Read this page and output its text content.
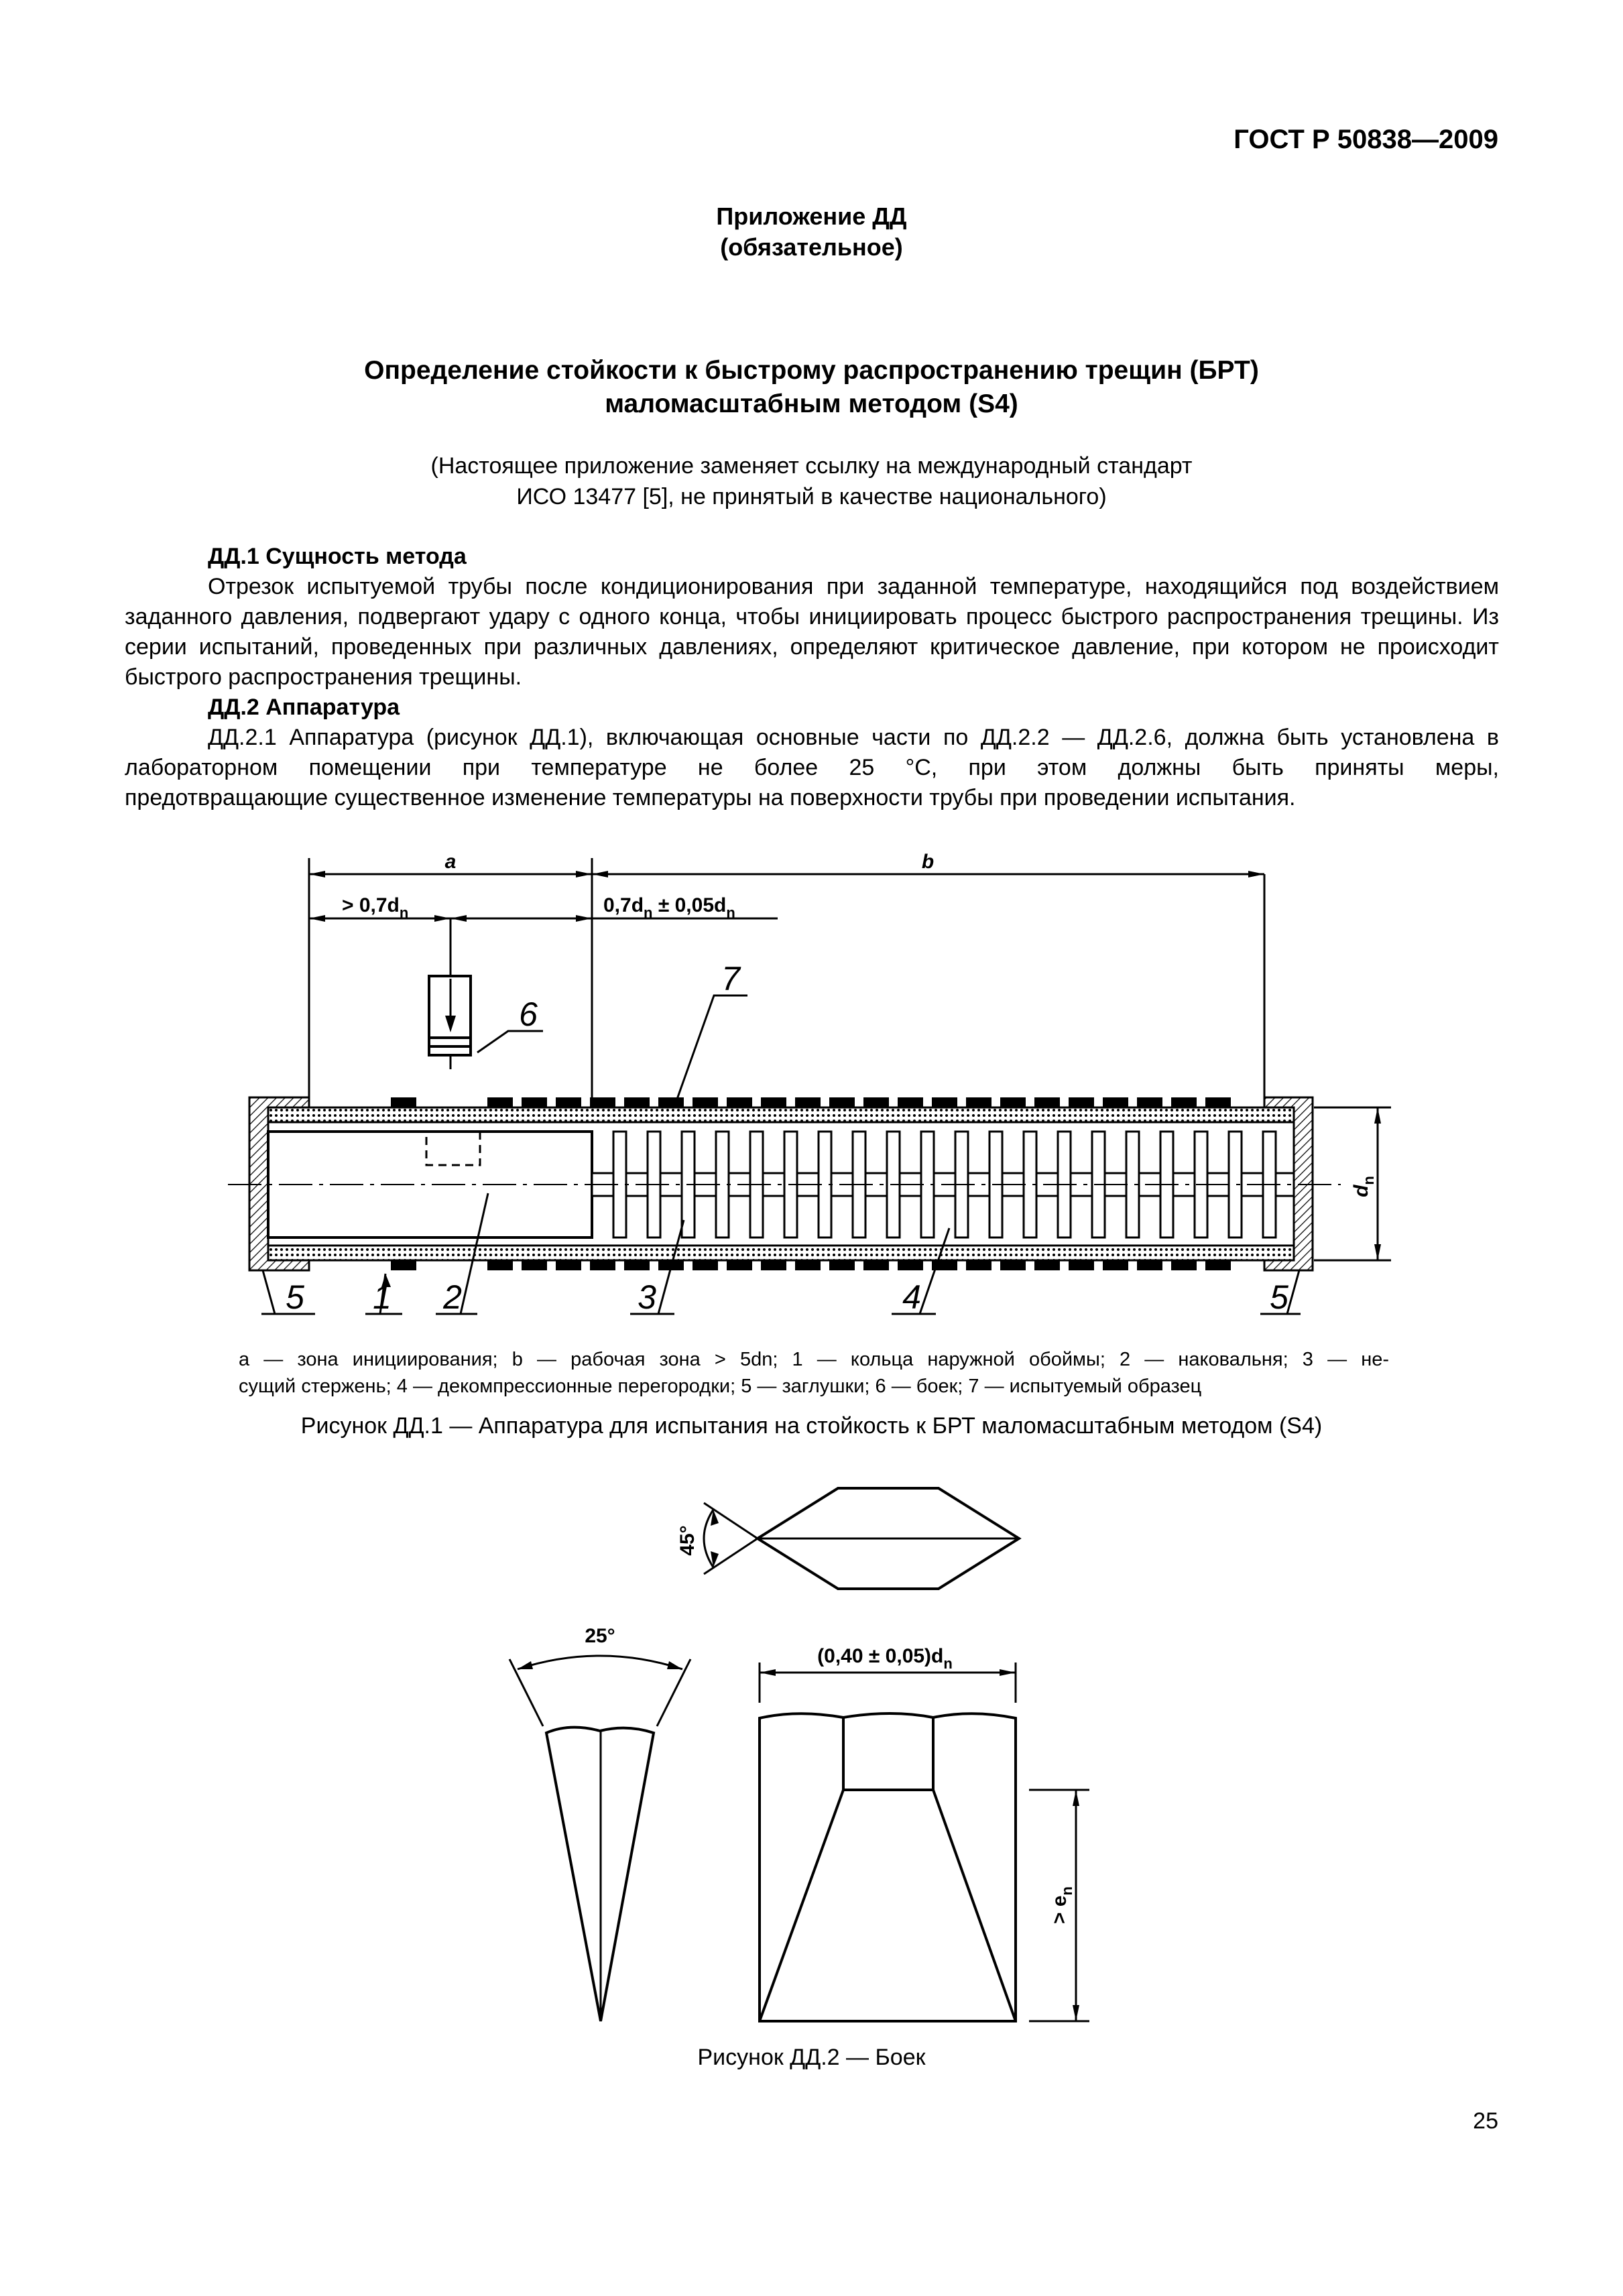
ГОСТ Р 50838—2009
Приложение ДД
(обязательное)
Определение стойкости к быстрому распространению трещин (БРТ)
маломасштабным методом (S4)
(Настоящее приложение заменяет ссылку на международный стандарт
ИСО 13477 [5], не принятый в качестве национального)

ДД.1 Сущность метода

Отрезок испытуемой трубы после кондиционирования при заданной температуре, находящийся под воздействием заданного давления, подвергают удару с одного конца, чтобы инициировать процесс быстрого распространения трещины. Из серии испытаний, проведенных при различных давлениях, определяют критическое давление, при котором не происходит быстрого распространения трещины.

ДД.2 Аппаратура

ДД.2.1 Аппаратура (рисунок ДД.1), включающая основные части по ДД.2.2 — ДД.2.6, должна быть установлена в лабораторном помещении при температуре не более 25 °С, при этом должны быть приняты меры,

предотвращающие существенное изменение температуры на поверхности трубы при проведении испытания.

a	b
> $0,7d_n$	$0,7d_n \pm 0,05d_n$
$d_n$
6
7
5 1 2	3	4	5
a — зона инициирования; b — рабочая зона > 5dn; 1 — кольца наружной обоймы; 2 — наковальня; 3 — не-
сущий стержень; 4 — декомпрессионные перегородки; 5 — заглушки; 6 — боек; 7 — испытуемый образец
Рисунок ДД.1 — Аппаратура для испытания на стойкость к БРТ маломасштабным методом (S4)
45°
25°
$(0,40 \pm 0,05)d_n$
> $e_n$
Рисунок ДД.2 — Боек
25
